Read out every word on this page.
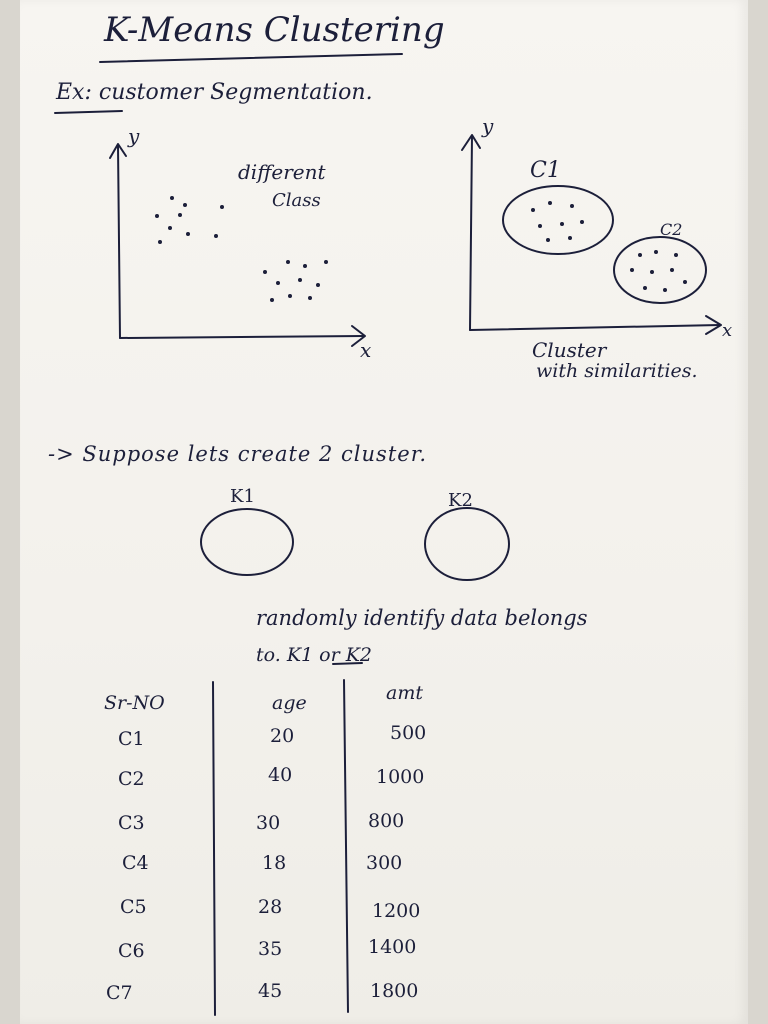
K-Means Clustering
Ex: customer Segmentation.
y
different
Class
x
y
C1
C2
x
Cluster
with similarities.
-> Suppose lets create 2 cluster.
K1	K2
randomly identify data belongs
to. K1 or K2
Sr-NO	age	amt
C1	20	500
C2	40	1000
C3	30	800
C4	18	300
C5	28	1200
C6	35	1400
C7	45	1800
